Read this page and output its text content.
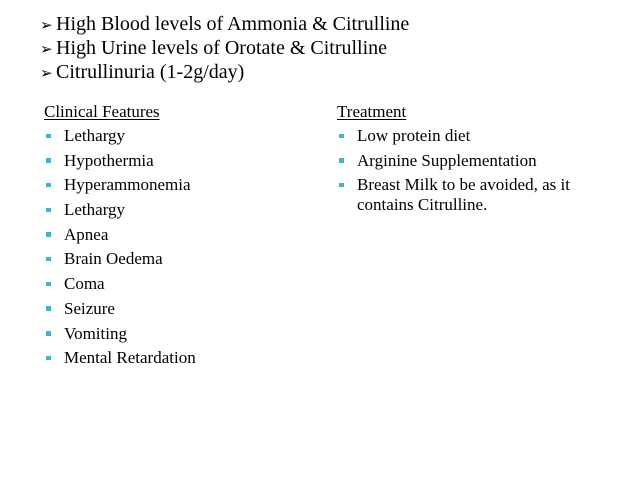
➢ High Blood levels of Ammonia & Citrulline
➢ High Urine levels of Orotate & Citrulline
➢ Citrullinuria (1-2g/day)
Clinical Features
Lethargy
Hypothermia
Hyperammonemia
Lethargy
Apnea
Brain Oedema
Coma
Seizure
Vomiting
Mental Retardation
Treatment
Low protein diet
Arginine Supplementation
Breast Milk to be avoided, as it contains Citrulline.
